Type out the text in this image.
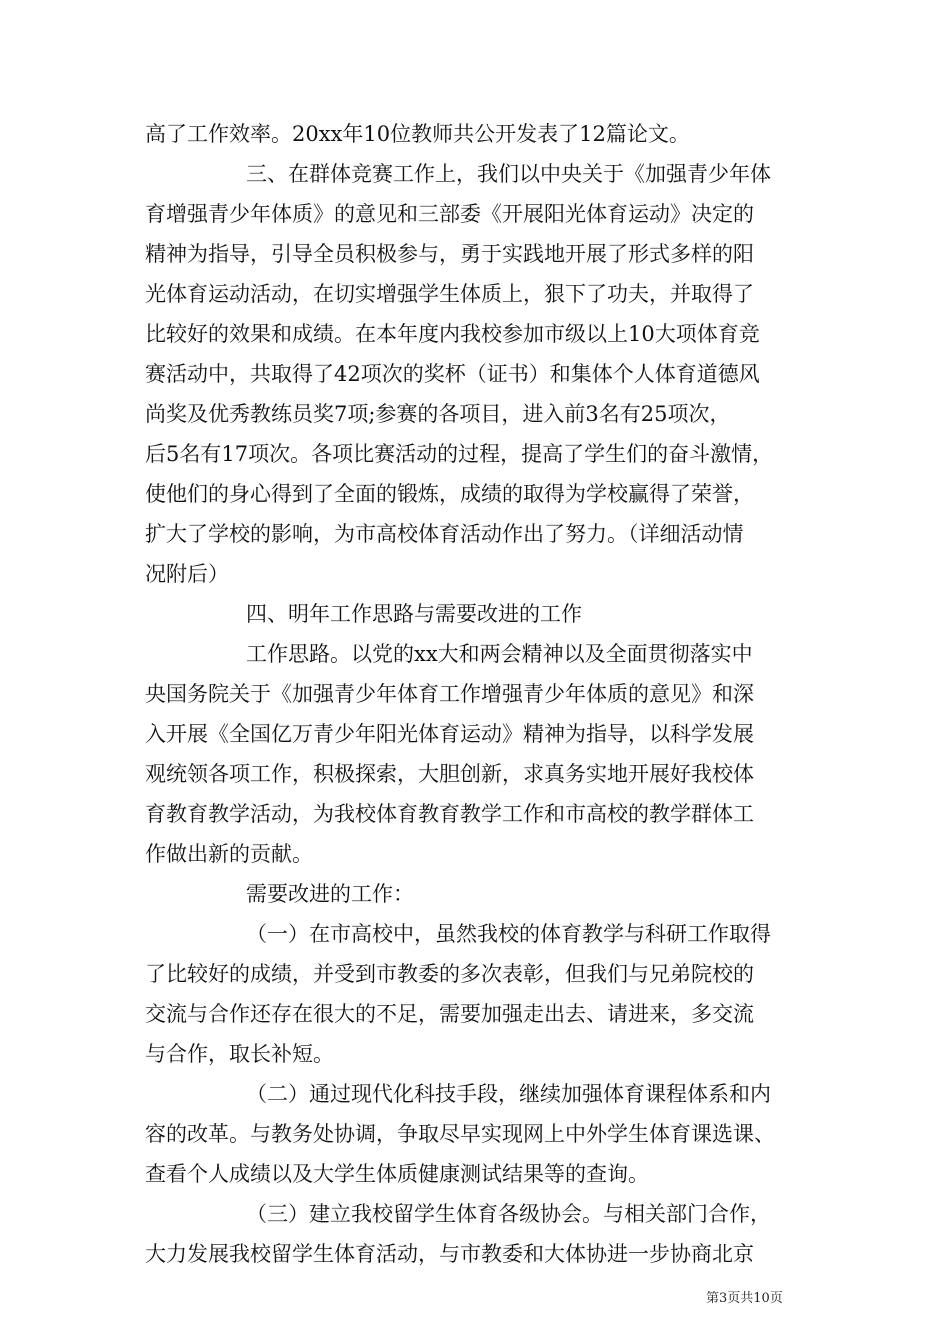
高了工作效率。20xx年10位教师共公开发表了12篇论文。
三、在群体竞赛工作上，我们以中央关于《加强青少年体
育增强青少年体质》的意见和三部委《开展阳光体育运动》决定的
精神为指导，引导全员积极参与，勇于实践地开展了形式多样的阳
光体育运动活动，在切实增强学生体质上，狠下了功夫，并取得了
比较好的效果和成绩。在本年度内我校参加市级以上10大项体育竞
赛活动中，共取得了42项次的奖杯（证书）和集体个人体育道德风
尚奖及优秀教练员奖7项;参赛的各项目，进入前3名有25项次，
后5名有17项次。各项比赛活动的过程，提高了学生们的奋斗激情，
使他们的身心得到了全面的锻炼，成绩的取得为学校赢得了荣誉，
扩大了学校的影响，为市高校体育活动作出了努力。（详细活动情
况附后）
四、明年工作思路与需要改进的工作
工作思路。以党的xx大和两会精神以及全面贯彻落实中
央国务院关于《加强青少年体育工作增强青少年体质的意见》和深
入开展《全国亿万青少年阳光体育运动》精神为指导，以科学发展
观统领各项工作，积极探索，大胆创新，求真务实地开展好我校体
育教育教学活动，为我校体育教育教学工作和市高校的教学群体工
作做出新的贡献。
需要改进的工作：
（一）在市高校中，虽然我校的体育教学与科研工作取得
了比较好的成绩，并受到市教委的多次表彰，但我们与兄弟院校的
交流与合作还存在很大的不足，需要加强走出去、请进来，多交流
与合作，取长补短。
（二）通过现代化科技手段，继续加强体育课程体系和内
容的改革。与教务处协调，争取尽早实现网上中外学生体育课选课、
查看个人成绩以及大学生体质健康测试结果等的查询。
（三）建立我校留学生体育各级协会。与相关部门合作，
大力发展我校留学生体育活动，与市教委和大体协进一步协商北京
第3页共10页
